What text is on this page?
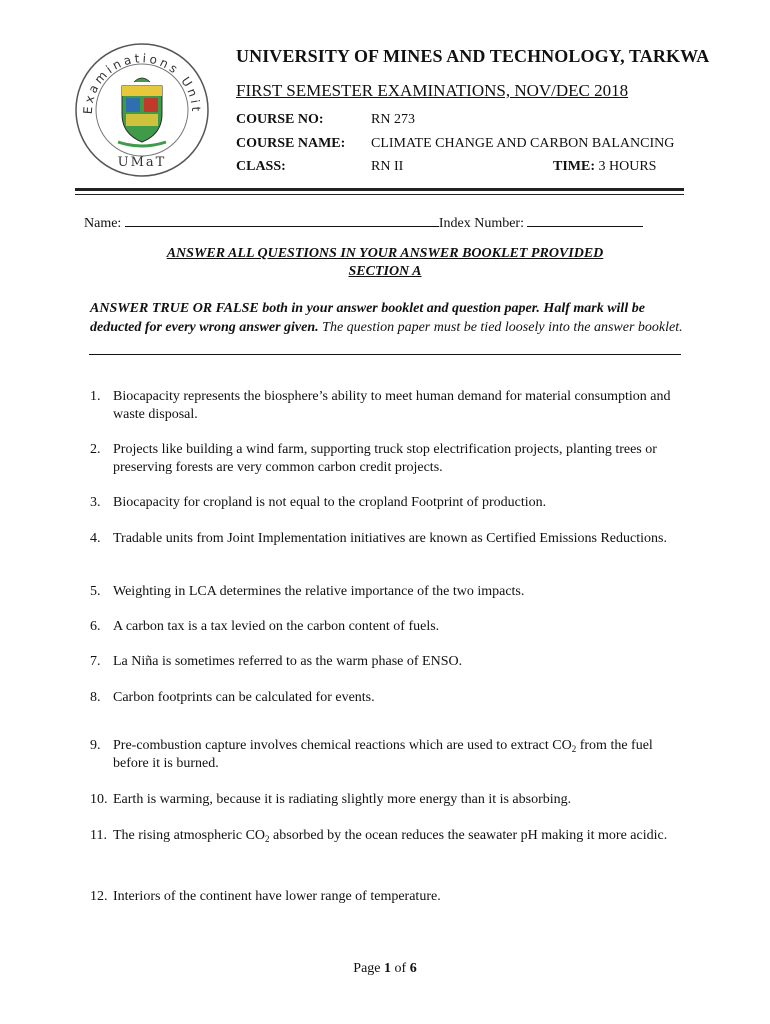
Examinations Unit
UMaT
UNIVERSITY OF MINES AND TECHNOLOGY, TARKWA
FIRST SEMESTER EXAMINATIONS, NOV/DEC 2018
COURSE NO:	RN 273
COURSE NAME: CLIMATE CHANGE AND CARBON BALANCING
CLASS:	RN II	TIME: 3 HOURS
Name:	Index Number:
ANSWER ALL QUESTIONS IN YOUR ANSWER BOOKLET PROVIDED
SECTION A
ANSWER TRUE OR FALSE both in your answer booklet and question paper. Half mark will be deducted for every wrong answer given. The question paper must be tied loosely into the answer booklet.
1. Biocapacity represents the biosphere’s ability to meet human demand for material consumption and waste disposal.
2. Projects like building a wind farm, supporting truck stop electrification projects, planting trees or preserving forests are very common carbon credit projects.
3. Biocapacity for cropland is not equal to the cropland Footprint of production.
4. Tradable units from Joint Implementation initiatives are known as Certified Emissions Reductions.
5. Weighting in LCA determines the relative importance of the two impacts.
6. A carbon tax is a tax levied on the carbon content of fuels.
7. La Niña is sometimes referred to as the warm phase of ENSO.
8. Carbon footprints can be calculated for events.
9. Pre-combustion capture involves chemical reactions which are used to extract $CO_2$ from the fuel before it is burned.
10. Earth is warming, because it is radiating slightly more energy than it is absorbing.
11. The rising atmospheric $CO_2$ absorbed by the ocean reduces the seawater pH making it more acidic.
12. Interiors of the continent have lower range of temperature.
Page 1 of 6
